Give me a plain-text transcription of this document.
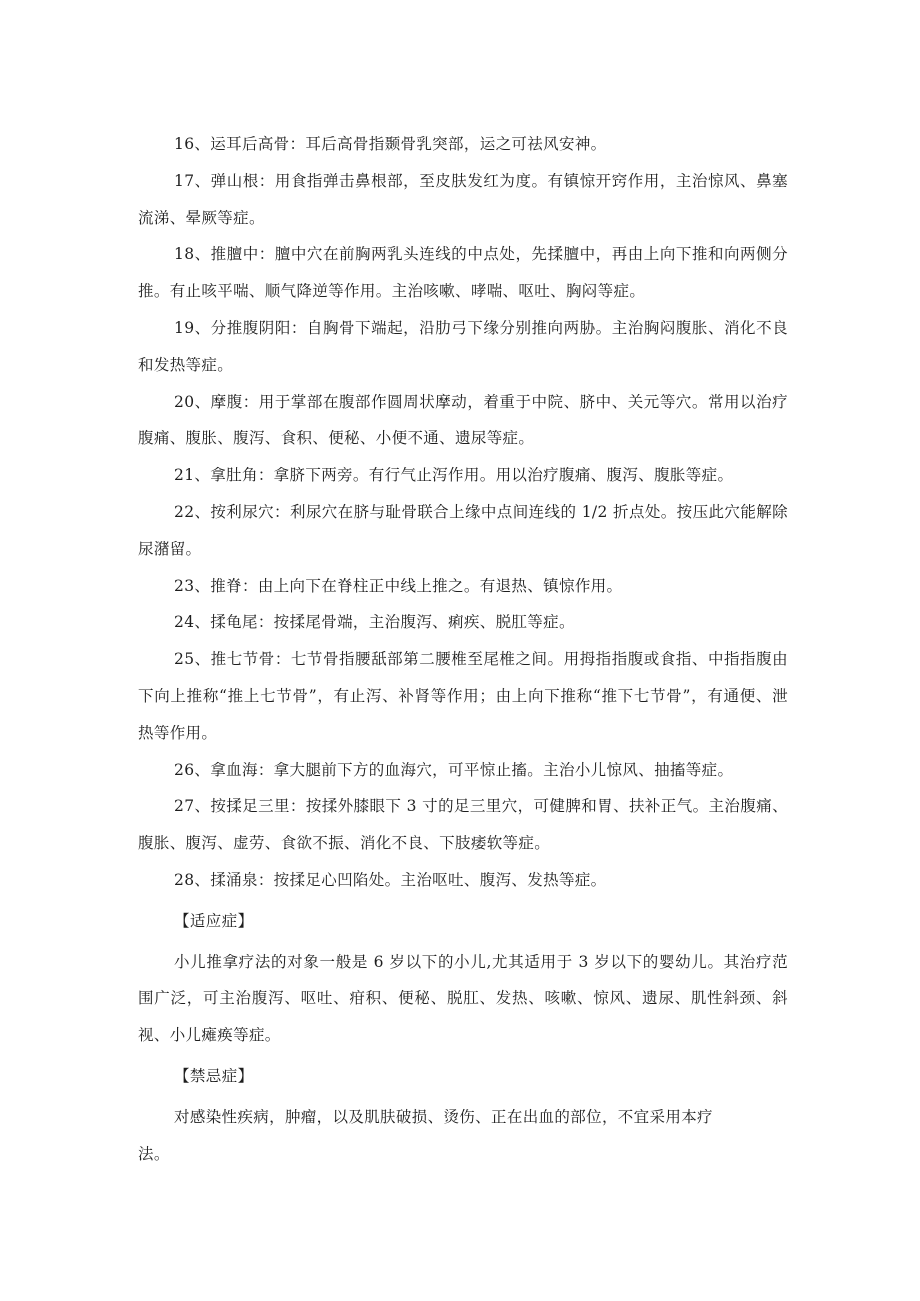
16、运耳后高骨：耳后高骨指颞骨乳突部，运之可祛风安神。

17、弹山根：用食指弹击鼻根部，至皮肤发红为度。有镇惊开窍作用，主治惊风、鼻塞流涕、晕厥等症。

18、推膻中：膻中穴在前胸两乳头连线的中点处，先揉膻中，再由上向下推和向两侧分推。有止咳平喘、顺气降逆等作用。主治咳嗽、哮喘、呕吐、胸闷等症。

19、分推腹阴阳：自胸骨下端起，沿肋弓下缘分别推向两胁。主治胸闷腹胀、消化不良和发热等症。

20、摩腹：用于掌部在腹部作圆周状摩动，着重于中院、脐中、关元等穴。常用以治疗腹痛、腹胀、腹泻、食积、便秘、小便不通、遗尿等症。

21、拿肚角：拿脐下两旁。有行气止泻作用。用以治疗腹痛、腹泻、腹胀等症。

22、按利尿穴：利尿穴在脐与耻骨联合上缘中点间连线的 1/2 折点处。按压此穴能解除尿潴留。

23、推脊：由上向下在脊柱正中线上推之。有退热、镇惊作用。

24、揉龟尾：按揉尾骨端，主治腹泻、痢疾、脱肛等症。

25、推七节骨：七节骨指腰舐部第二腰椎至尾椎之间。用拇指指腹或食指、中指指腹由下向上推称“推上七节骨”，有止泻、补肾等作用；由上向下推称“推下七节骨”，有通便、泄热等作用。

26、拿血海：拿大腿前下方的血海穴，可平惊止搐。主治小儿惊风、抽搐等症。

27、按揉足三里：按揉外膝眼下 3 寸的足三里穴，可健脾和胃、扶补正气。主治腹痛、腹胀、腹泻、虚劳、食欲不振、消化不良、下肢痿软等症。

28、揉涌泉：按揉足心凹陷处。主治呕吐、腹泻、发热等症。

【适应症】

小儿推拿疗法的对象一般是 6 岁以下的小儿,尤其适用于 3 岁以下的婴幼儿。其治疗范围广泛，可主治腹泻、呕吐、疳积、便秘、脱肛、发热、咳嗽、惊风、遗尿、肌性斜颈、斜视、小儿瘫痪等症。

【禁忌症】

对感染性疾病，肿瘤，以及肌肤破损、烫伤、正在出血的部位，不宜采用本疗法。
